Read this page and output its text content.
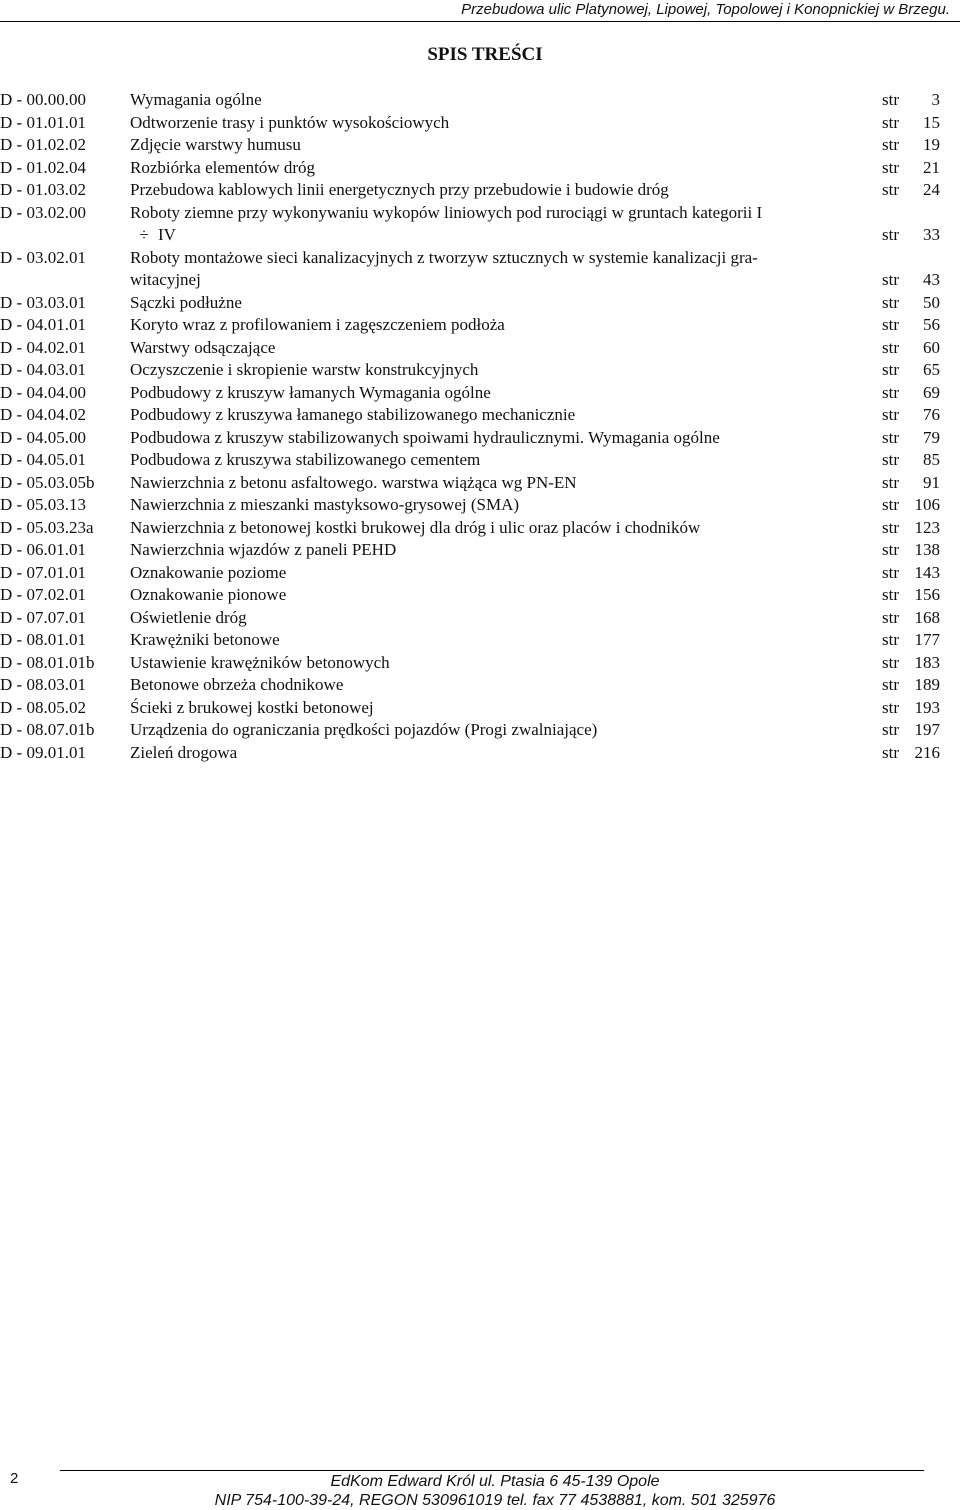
Przebudowa ulic Platynowej, Lipowej, Topolowej i Konopnickiej w Brzegu.
SPIS TREŚCI
D - 00.00.00	Wymagania ogólne	str	3
D - 01.01.01	Odtworzenie trasy i punktów wysokościowych	str	15
D - 01.02.02	Zdjęcie warstwy humusu	str	19
D - 01.02.04	Rozbiórka elementów dróg	str	21
D - 01.03.02	Przebudowa kablowych linii energetycznych przy przebudowie i budowie dróg	str	24
D - 03.02.00	Roboty ziemne przy wykonywaniu wykopów liniowych pod rurociągi w gruntach kategorii I
÷ IV	str	33
D - 03.02.01	Roboty montażowe sieci kanalizacyjnych z tworzyw sztucznych w systemie kanalizacji gra-
witacyjnej	str	43
D - 03.03.01	Sączki podłużne	str	50
D - 04.01.01	Koryto wraz z profilowaniem i zagęszczeniem podłoża	str	56
D - 04.02.01	Warstwy odsączające	str	60
D - 04.03.01	Oczyszczenie i skropienie warstw konstrukcyjnych	str	65
D - 04.04.00	Podbudowy z kruszyw łamanych Wymagania ogólne	str	69
D - 04.04.02	Podbudowy z kruszywa łamanego stabilizowanego mechanicznie	str	76
D - 04.05.00	Podbudowa z kruszyw stabilizowanych spoiwami hydraulicznymi. Wymagania ogólne	str	79
D - 04.05.01	Podbudowa z kruszywa stabilizowanego cementem	str	85
D - 05.03.05b	Nawierzchnia z betonu asfaltowego. warstwa wiążąca wg PN-EN	str	91
D - 05.03.13	Nawierzchnia z mieszanki mastyksowo-grysowej (SMA)	str 106
D - 05.03.23a	Nawierzchnia z betonowej kostki brukowej dla dróg i ulic oraz placów i chodników	str 123
D - 06.01.01	Nawierzchnia wjazdów z paneli PEHD	str 138
D - 07.01.01	Oznakowanie poziome	str 143
D - 07.02.01	Oznakowanie pionowe	str 156
D - 07.07.01	Oświetlenie dróg	str 168
D - 08.01.01	Krawężniki betonowe	str 177
D - 08.01.01b	Ustawienie krawężników betonowych	str 183
D - 08.03.01	Betonowe obrzeża chodnikowe	str 189
D - 08.05.02	Ścieki z brukowej kostki betonowej	str 193
D - 08.07.01b	Urządzenia do ograniczania prędkości pojazdów (Progi zwalniające)	str 197
D - 09.01.01	Zieleń drogowa	str 216
2	EdKom Edward Król ul. Ptasia 6 45-139 Opole
NIP 754-100-39-24, REGON 530961019 tel. fax 77 4538881, kom. 501 325976
